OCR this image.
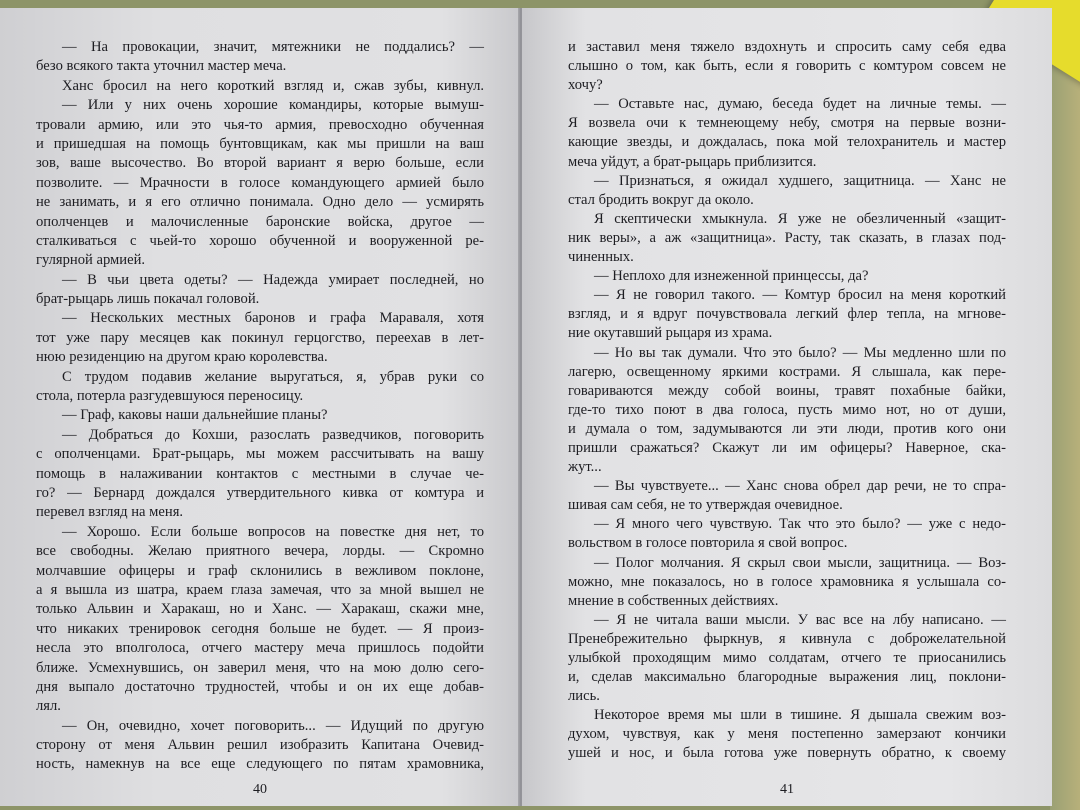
— На провокации, значит, мятежники не поддались? —
безо всякого такта уточнил мастер меча.
Ханс бросил на него короткий взгляд и, сжав зубы, кивнул.
— Или у них очень хорошие командиры, которые вымуш-
тровали армию, или это чья-то армия, превосходно обученная
и пришедшая на помощь бунтовщикам, как мы пришли на ваш
зов, ваше высочество. Во второй вариант я верю больше, если
позволите. — Мрачности в голосе командующего армией было
не занимать, и я его отлично понимала. Одно дело — усмирять
ополченцев и малочисленные баронские войска, другое —
сталкиваться с чьей-то хорошо обученной и вооруженной ре-
гулярной армией.
— В чьи цвета одеты? — Надежда умирает последней, но
брат-рыцарь лишь покачал головой.
— Нескольких местных баронов и графа Мараваля, хотя
тот уже пару месяцев как покинул герцогство, переехав в лет-
нюю резиденцию на другом краю королевства.
С трудом подавив желание выругаться, я, убрав руки со
стола, потерла разгудевшуюся переносицу.
— Граф, каковы наши дальнейшие планы?
— Добраться до Кохши, разослать разведчиков, поговорить
с ополченцами. Брат-рыцарь, мы можем рассчитывать на вашу
помощь в налаживании контактов с местными в случае че-
го? — Бернард дождался утвердительного кивка от комтура и
перевел взгляд на меня.
— Хорошо. Если больше вопросов на повестке дня нет, то
все свободны. Желаю приятного вечера, лорды. — Скромно
молчавшие офицеры и граф склонились в вежливом поклоне,
а я вышла из шатра, краем глаза замечая, что за мной вышел не
только Альвин и Харакаш, но и Ханс. — Харакаш, скажи мне,
что никаких тренировок сегодня больше не будет. — Я произ-
несла это вполголоса, отчего мастеру меча пришлось подойти
ближе. Усмехнувшись, он заверил меня, что на мою долю сего-
дня выпало достаточно трудностей, чтобы и он их еще добав-
лял.
— Он, очевидно, хочет поговорить... — Идущий по другую
сторону от меня Альвин решил изобразить Капитана Очевид-
ность, намекнув на все еще следующего по пятам храмовника,
40
и заставил меня тяжело вздохнуть и спросить саму себя едва
слышно о том, как быть, если я говорить с комтуром совсем не
хочу?
— Оставьте нас, думаю, беседа будет на личные темы. —
Я возвела очи к темнеющему небу, смотря на первые возни-
кающие звезды, и дождалась, пока мой телохранитель и мастер
меча уйдут, а брат-рыцарь приблизится.
— Признаться, я ожидал худшего, защитница. — Ханс не
стал бродить вокруг да около.
Я скептически хмыкнула. Я уже не обезличенный «защит-
ник веры», а аж «защитница». Расту, так сказать, в глазах под-
чиненных.
— Неплохо для изнеженной принцессы, да?
— Я не говорил такого. — Комтур бросил на меня короткий
взгляд, и я вдруг почувствовала легкий флер тепла, на мгнове-
ние окутавший рыцаря из храма.
— Но вы так думали. Что это было? — Мы медленно шли по
лагерю, освещенному яркими кострами. Я слышала, как пере-
говариваются между собой воины, травят похабные байки,
где-то тихо поют в два голоса, пусть мимо нот, но от души,
и думала о том, задумываются ли эти люди, против кого они
пришли сражаться? Скажут ли им офицеры? Наверное, ска-
жут...
— Вы чувствуете... — Ханс снова обрел дар речи, не то спра-
шивая сам себя, не то утверждая очевидное.
— Я много чего чувствую. Так что это было? — уже с недо-
вольством в голосе повторила я свой вопрос.
— Полог молчания. Я скрыл свои мысли, защитница. — Воз-
можно, мне показалось, но в голосе храмовника я услышала со-
мнение в собственных действиях.
— Я не читала ваши мысли. У вас все на лбу написано. —
Пренебрежительно фыркнув, я кивнула с доброжелательной
улыбкой проходящим мимо солдатам, отчего те приосанились
и, сделав максимально благородные выражения лиц, поклони-
лись.
Некоторое время мы шли в тишине. Я дышала свежим воз-
духом, чувствуя, как у меня постепенно замерзают кончики
ушей и нос, и была готова уже повернуть обратно, к своему
41
